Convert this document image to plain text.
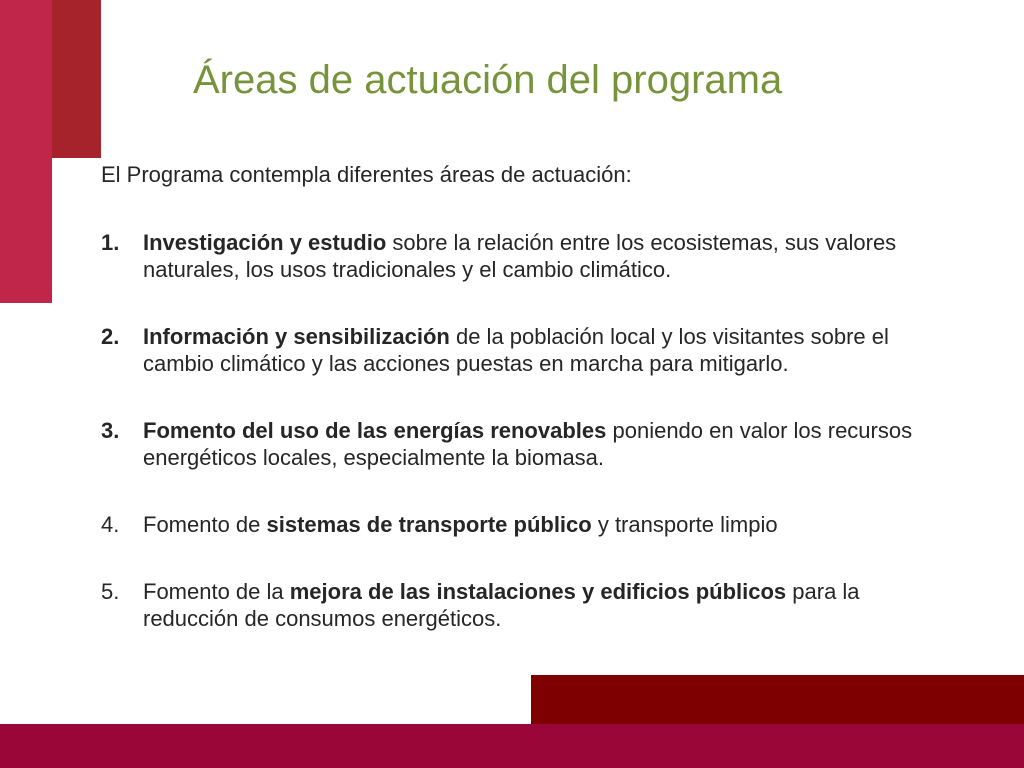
Áreas de actuación del programa
El Programa contempla diferentes áreas de actuación:
1. Investigación y estudio sobre la relación entre los ecosistemas, sus valores naturales, los usos tradicionales y el cambio climático.
2. Información y sensibilización de la población local y los visitantes sobre el cambio climático y las acciones puestas en marcha para mitigarlo.
3. Fomento del uso de las energías renovables poniendo en valor los recursos energéticos locales, especialmente la biomasa.
4. Fomento de sistemas de transporte público y transporte limpio
5. Fomento de la mejora de las instalaciones y edificios públicos para la reducción de consumos energéticos.
